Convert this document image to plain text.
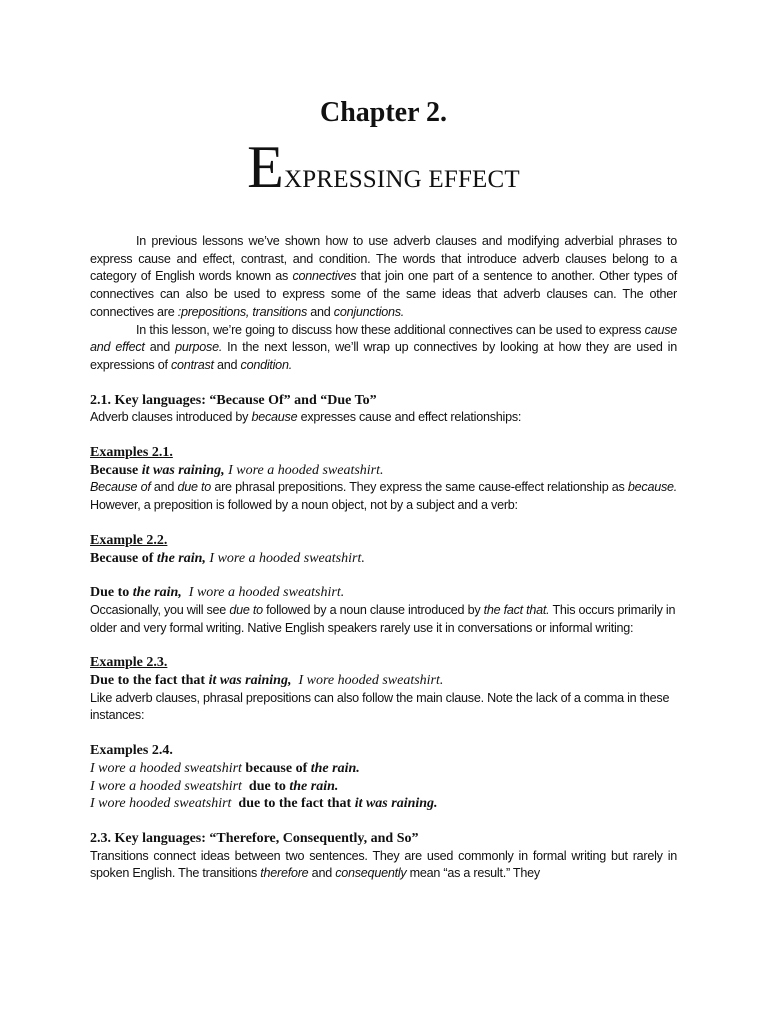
Chapter 2.
EXPRESSING EFFECT

In previous lessons we’ve shown how to use adverb clauses and modifying adverbial phrases to express cause and effect, contrast, and condition. The words that introduce adverb clauses belong to a category of English words known as connectives that join one part of a sentence to another. Other types of connectives can also be used to express some of the same ideas that adverb clauses can. The other connectives are :prepositions, transitions and conjunctions.

In this lesson, we’re going to discuss how these additional connectives can be used to express cause and effect and purpose. In the next lesson, we’ll wrap up connectives by looking at how they are used in expressions of contrast and condition.

2.1. Key languages: “Because Of” and “Due To”

Adverb clauses introduced by because expresses cause and effect relationships:

Examples 2.1.

Because it was raining, I wore a hooded sweatshirt.

Because of and due to are phrasal prepositions. They express the same cause-effect relationship as because. However, a preposition is followed by a noun object, not by a subject and a verb:

Example 2.2.

Because of the rain, I wore a hooded sweatshirt.

Due to the rain,  I wore a hooded sweatshirt.

Occasionally, you will see due to followed by a noun clause introduced by the fact that. This occurs primarily in older and very formal writing. Native English speakers rarely use it in conversations or informal writing:

Example 2.3.

Due to the fact that it was raining,  I wore hooded sweatshirt.

Like adverb clauses, phrasal prepositions can also follow the main clause. Note the lack of a comma in these instances:

Examples 2.4.

I wore a hooded sweatshirt because of the rain.

I wore a hooded sweatshirt  due to the rain.

I wore hooded sweatshirt  due to the fact that it was raining.

2.3. Key languages: “Therefore, Consequently, and So”

Transitions connect ideas between two sentences. They are used commonly in formal writing but rarely in spoken English. The transitions therefore and consequently mean “as a result.” They
